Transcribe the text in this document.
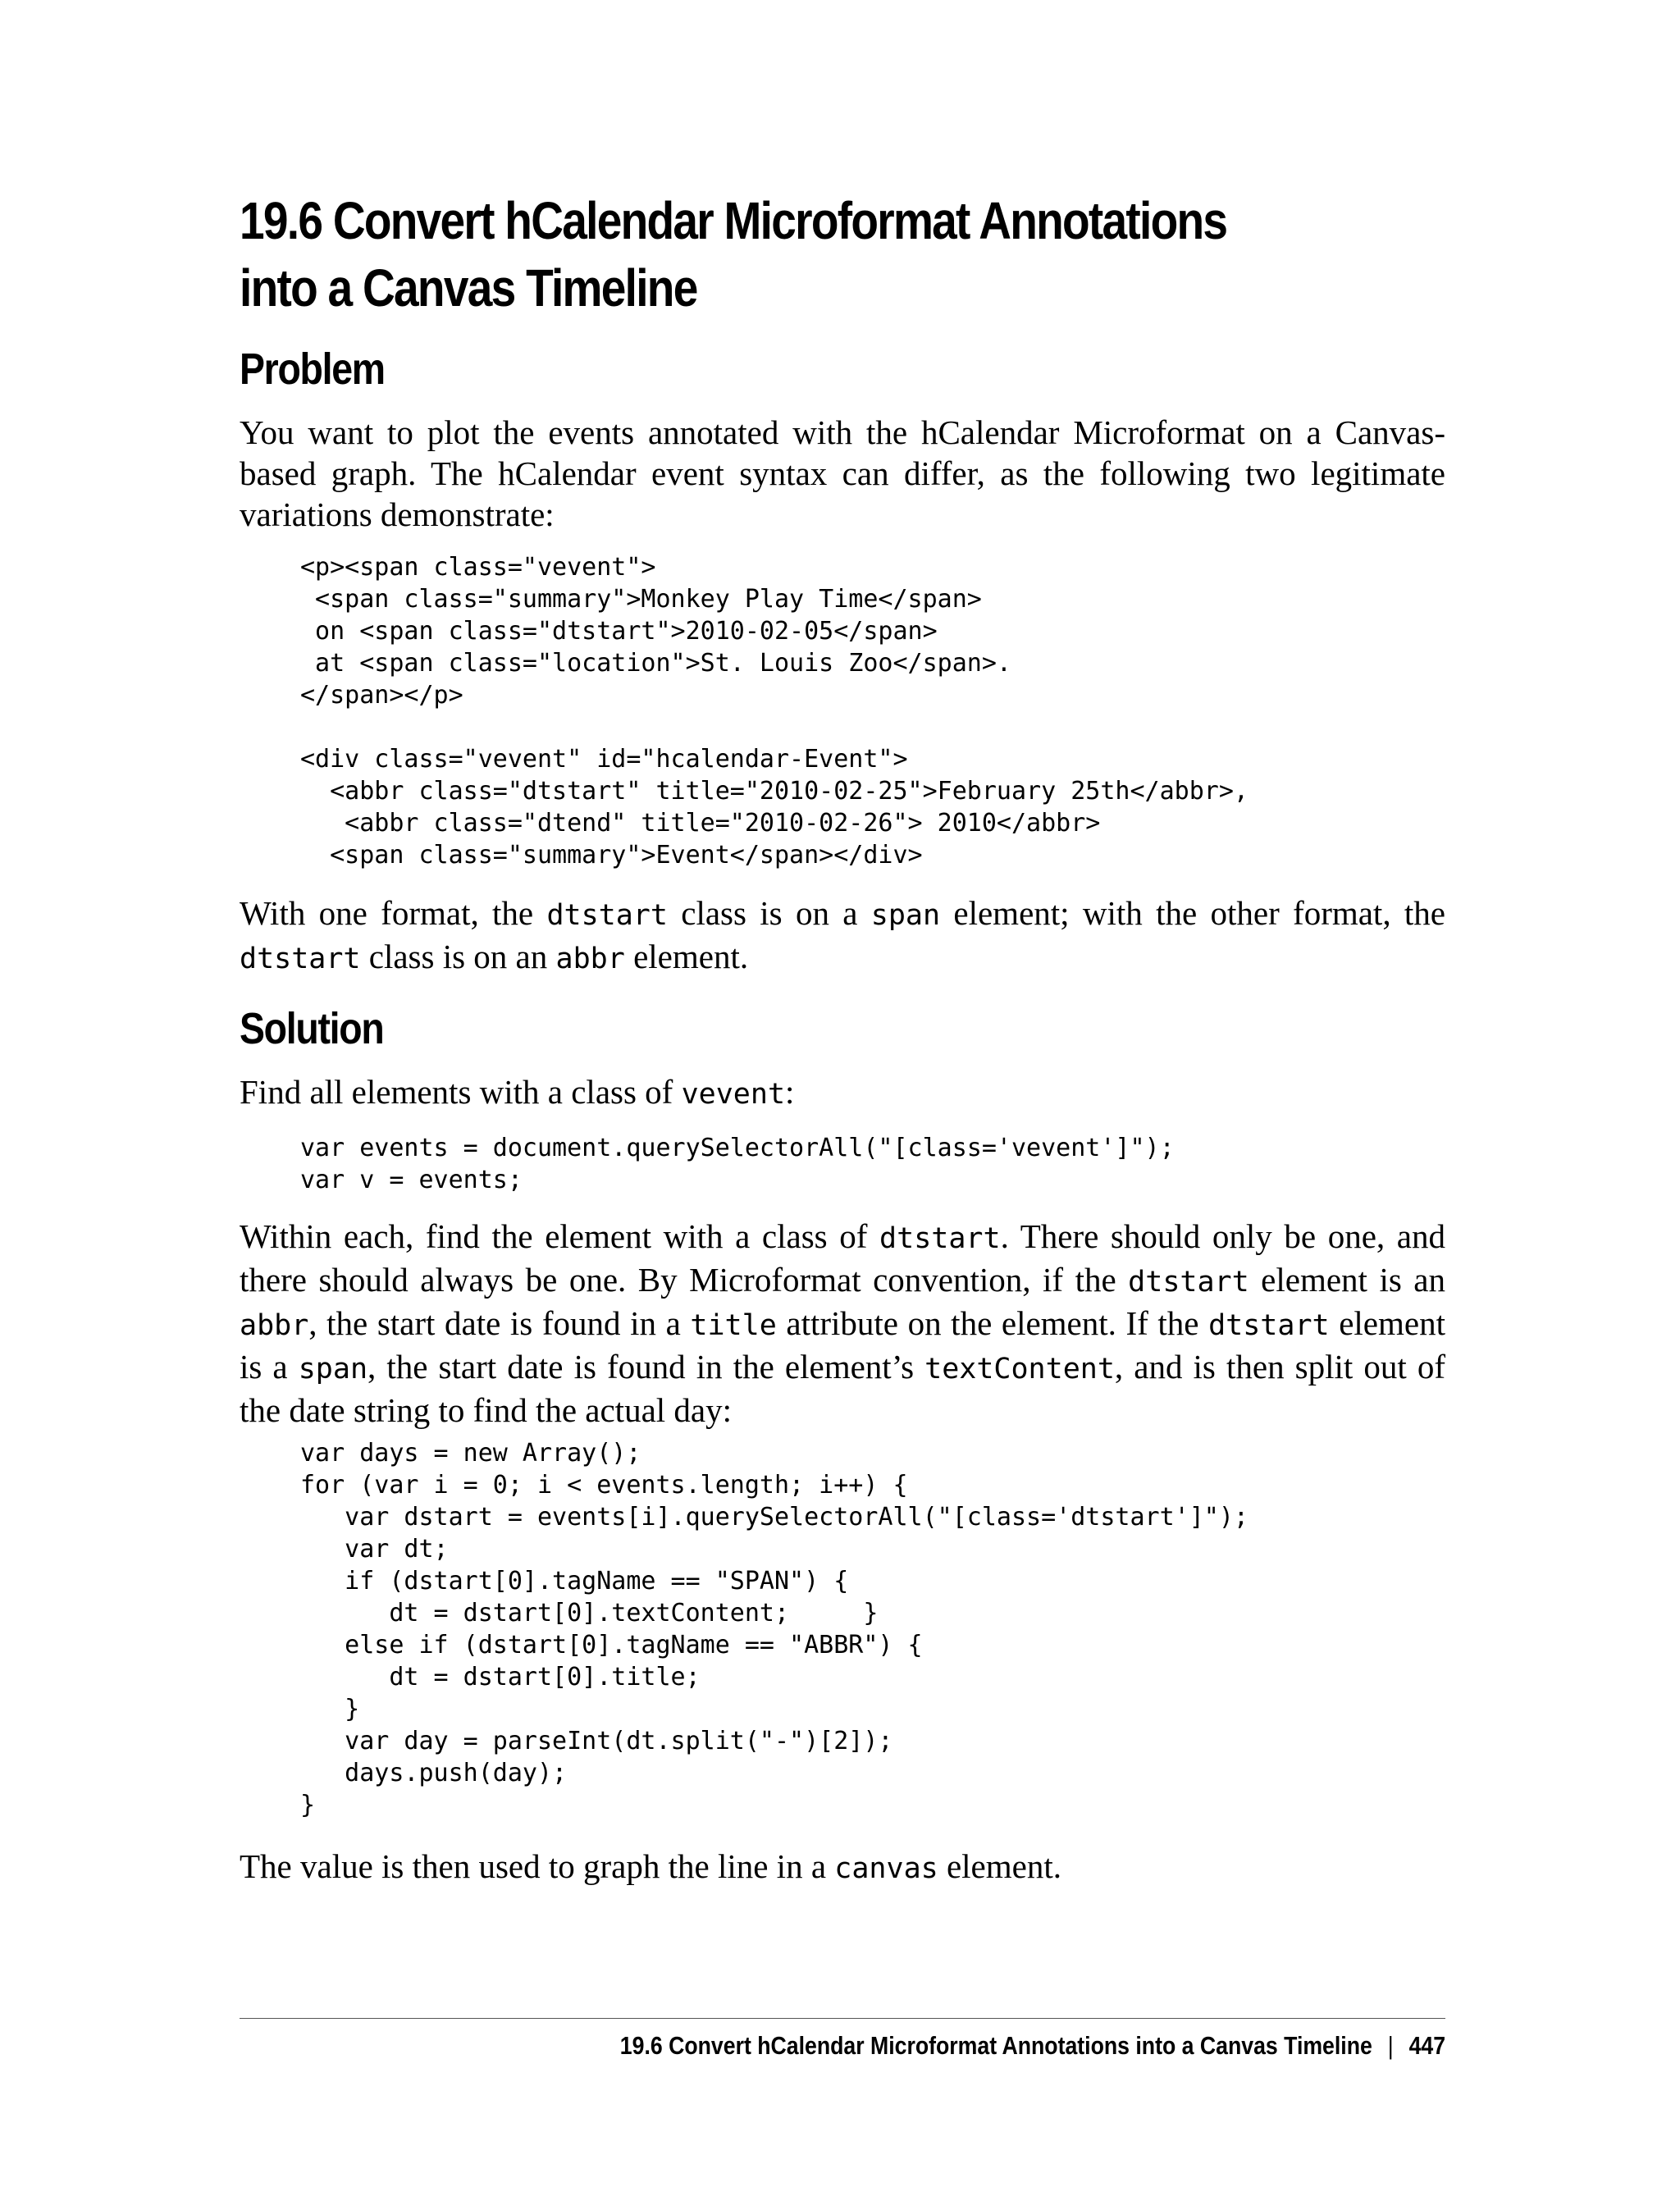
19.6 Convert hCalendar Microformat Annotations
into a Canvas Timeline
Problem

You want to plot the events annotated with the hCalendar Microformat on a Canvas-based graph. The hCalendar event syntax can differ, as the following two legitimate variations demonstrate:

<p><span class="vevent">
<span class="summary">Monkey Play Time</span>
on <span class="dtstart">2010-02-05</span>
at <span class="location">St. Louis Zoo</span>.
</span></p>

<div class="vevent" id="hcalendar-Event">
<abbr class="dtstart" title="2010-02-25">February 25th</abbr>,
<abbr class="dtend" title="2010-02-26"> 2010</abbr>
<span class="summary">Event</span></div>

With one format, the dtstart class is on a span element; with the other format, the dtstart class is on an abbr element.

Solution

Find all elements with a class of vevent:

var events = document.querySelectorAll("[class='vevent']");
var v = events;

Within each, find the element with a class of dtstart. There should only be one, and there should always be one. By Microformat convention, if the dtstart element is an abbr, the start date is found in a title attribute on the element. If the dtstart element is a span, the start date is found in the element’s textContent, and is then split out of the date string to find the actual day:

var days = new Array();
for (var i = 0; i < events.length; i++) {
var dstart = events[i].querySelectorAll("[class='dtstart']");
var dt;
if (dstart[0].tagName == "SPAN") {
dt = dstart[0].textContent;     }
else if (dstart[0].tagName == "ABBR") {
dt = dstart[0].title;
}
var day = parseInt(dt.split("-")[2]);
days.push(day);
}

The value is then used to graph the line in a canvas element.

19.6 Convert hCalendar Microformat Annotations into a Canvas Timeline | 447
